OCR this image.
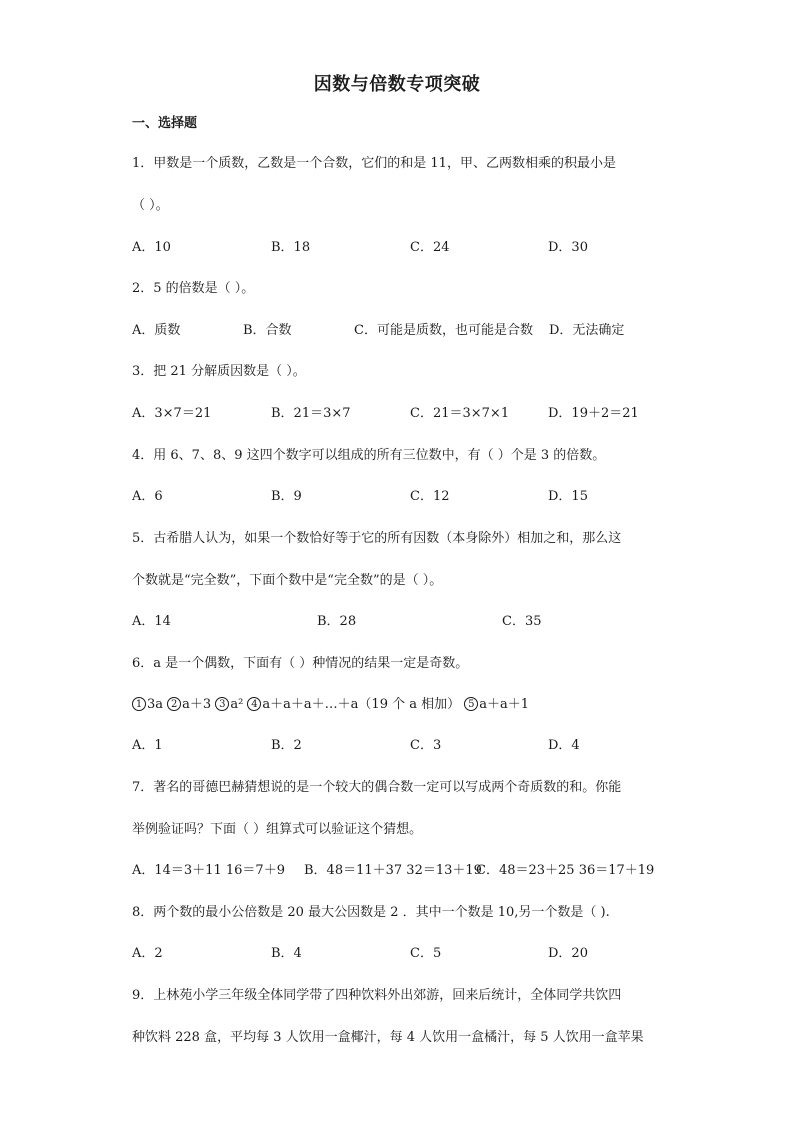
因数与倍数专项突破
一、选择题
1．甲数是一个质数，乙数是一个合数，它们的和是 11，甲、乙两数相乘的积最小是
（ ）。
A．10	B．18	C．24	D．30
2．5 的倍数是（ ）。
A．质数	B．合数	C．可能是质数，也可能是合数 D．无法确定
3．把 21 分解质因数是（ ）。
A．3×7＝21	B．21＝3×7	C．21＝3×7×1	D．19＋2＝21
4．用 6、7、8、9 这四个数字可以组成的所有三位数中，有（ ）个是 3 的倍数。
A．6	B．9	C．12	D．15
5．古希腊人认为，如果一个数恰好等于它的所有因数（本身除外）相加之和，那么这
个数就是“完全数”，下面个数中是“完全数”的是（ ）。
A．14	B．28	C．35
6．a 是一个偶数，下面有（ ）种情况的结果一定是奇数。
1 3a 2 a＋3 3 a² 4 a＋a＋a＋…＋a（19 个 a 相加） 5 a＋a＋1
A．1	B．2	C．3	D．4
7．著名的哥德巴赫猜想说的是一个较大的偶合数一定可以写成两个奇质数的和。你能
举例验证吗？下面（ ）组算式可以验证这个猜想。
A．14＝3＋11 16＝7＋9 B．48＝11＋37 32＝13＋19
C．48＝23＋25 36＝17＋19
8．两个数的最小公倍数是 20 最大公因数是 2 ．其中一个数是 10,另一个数是（ ).
A．2	B．4	C．5	D．20
9．上林苑小学三年级全体同学带了四种饮料外出郊游，回来后统计，全体同学共饮四
种饮料 228 盒，平均每 3 人饮用一盒椰汁，每 4 人饮用一盒橘汁，每 5 人饮用一盒苹果
